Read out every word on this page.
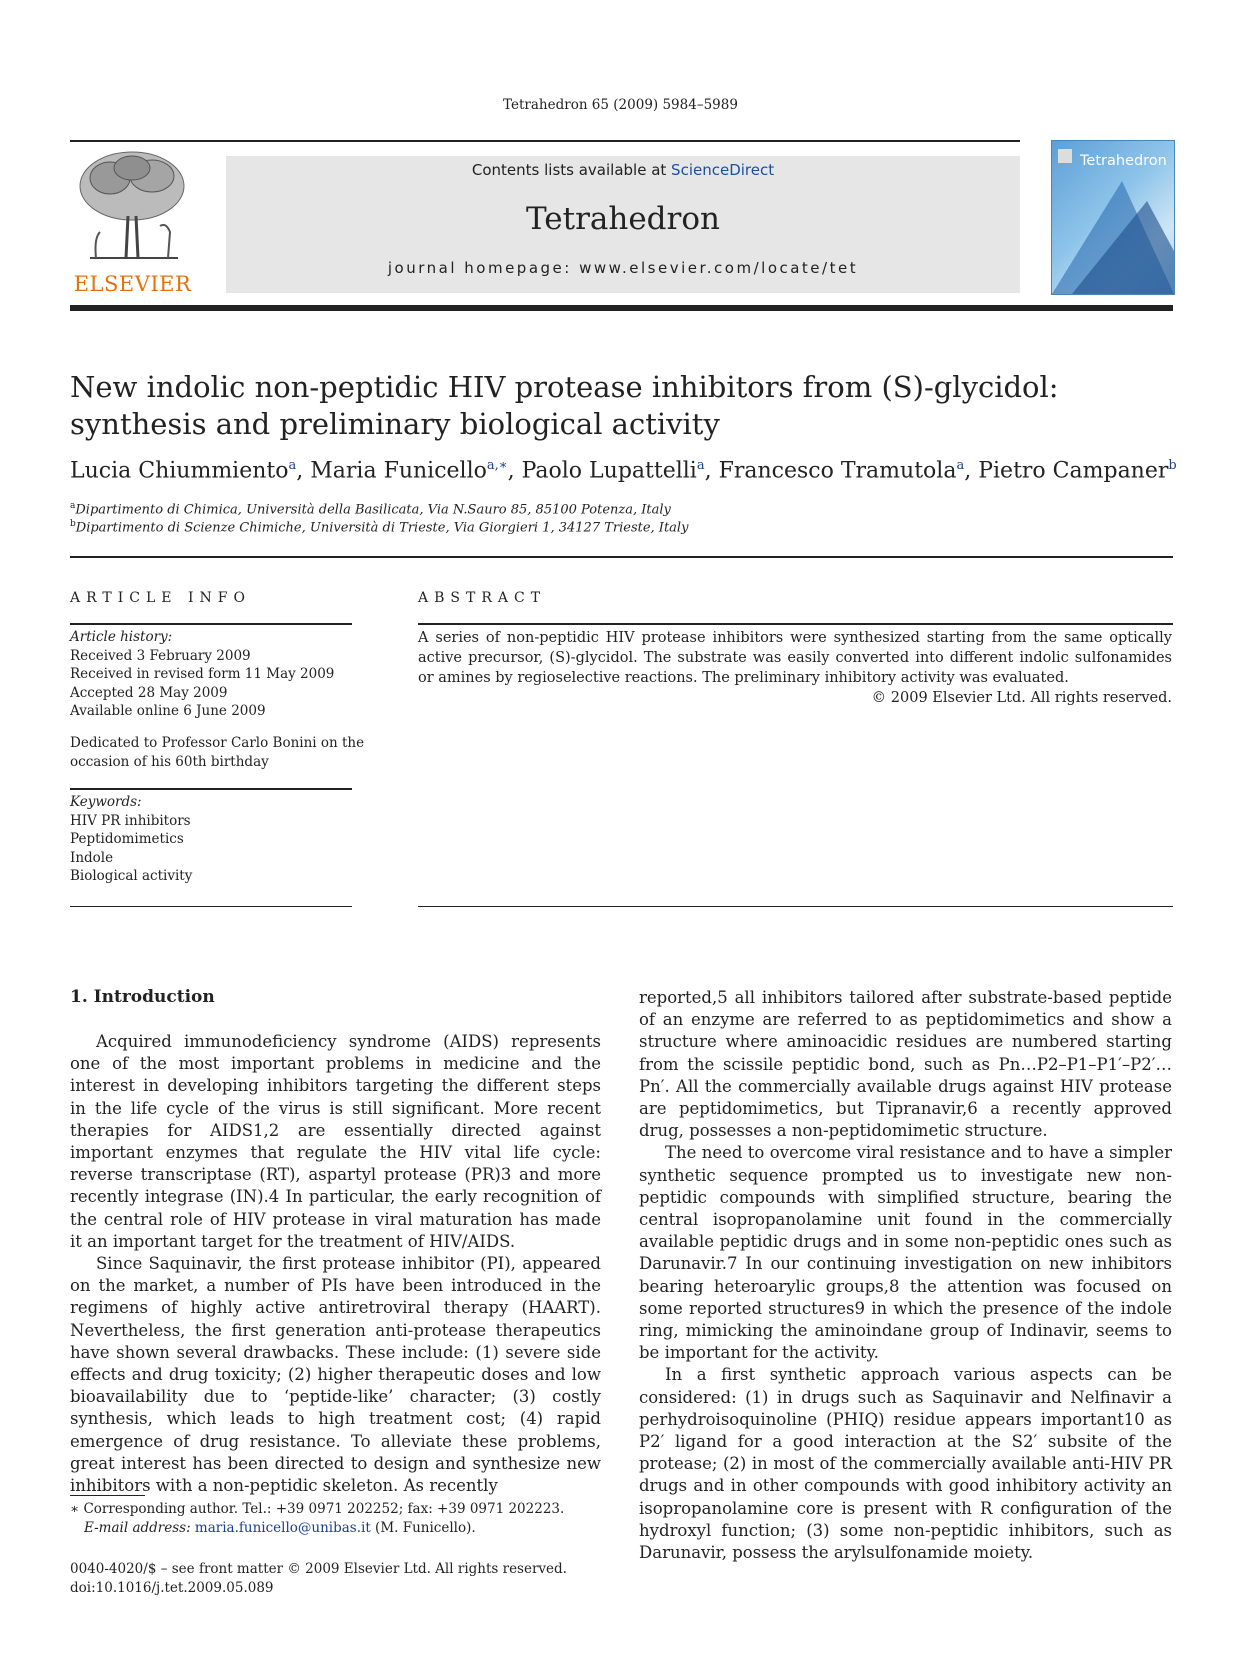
Tetrahedron 65 (2009) 5984–5989
ELSEVIER
Contents lists available at ScienceDirect
Tetrahedron
journal homepage: www.elsevier.com/locate/tet
Tetrahedron
New indolic non-peptidic HIV protease inhibitors from (S)-glycidol:
synthesis and preliminary biological activity
Lucia Chiummiento$^a$, Maria Funicello$^{a,∗}$, Paolo Lupattelli$^a$, Francesco Tramutola$^a$, Pietro Campaner$^b$
$^a$Dipartimento di Chimica, Università della Basilicata, Via N.Sauro 85, 85100 Potenza, Italy
$^b$Dipartimento di Scienze Chimiche, Università di Trieste, Via Giorgieri 1, 34127 Trieste, Italy
ARTICLE INFO
Article history:
Received 3 February 2009
Received in revised form 11 May 2009
Accepted 28 May 2009
Available online 6 June 2009
Dedicated to Professor Carlo Bonini on the
occasion of his 60th birthday
Keywords:
HIV PR inhibitors
Peptidomimetics
Indole
Biological activity
ABSTRACT
A series of non-peptidic HIV protease inhibitors were synthesized starting from the same optically active precursor, (S)-glycidol. The substrate was easily converted into different indolic sulfonamides or amines by regioselective reactions. The preliminary inhibitory activity was evaluated.
© 2009 Elsevier Ltd. All rights reserved.
1. Introduction

Acquired immunodeficiency syndrome (AIDS) represents one of the most important problems in medicine and the interest in developing inhibitors targeting the different steps in the life cycle of the virus is still significant. More recent therapies for AIDS1,2 are essentially directed against important enzymes that regulate the HIV vital life cycle: reverse transcriptase (RT), aspartyl protease (PR)3 and more recently integrase (IN).4 In particular, the early recognition of the central role of HIV protease in viral maturation has made it an important target for the treatment of HIV/AIDS.

Since Saquinavir, the first protease inhibitor (PI), appeared on the market, a number of PIs have been introduced in the regimens of highly active antiretroviral therapy (HAART). Nevertheless, the first generation anti-protease therapeutics have shown several drawbacks. These include: (1) severe side effects and drug toxicity; (2) higher therapeutic doses and low bioavailability due to ‘peptide-like’ character; (3) costly synthesis, which leads to high treatment cost; (4) rapid emergence of drug resistance. To alleviate these problems, great interest has been directed to design and synthesize new inhibitors with a non-peptidic skeleton. As recently

reported,5 all inhibitors tailored after substrate-based peptide of an enzyme are referred to as peptidomimetics and show a structure where aminoacidic residues are numbered starting from the scissile peptidic bond, such as Pn…P2–P1–P1′–P2′…Pn′. All the commercially available drugs against HIV protease are peptidomimetics, but Tipranavir,6 a recently approved drug, possesses a non-peptidomimetic structure.

The need to overcome viral resistance and to have a simpler synthetic sequence prompted us to investigate new non-peptidic compounds with simplified structure, bearing the central isopropanolamine unit found in the commercially available peptidic drugs and in some non-peptidic ones such as Darunavir.7 In our continuing investigation on new inhibitors bearing heteroarylic groups,8 the attention was focused on some reported structures9 in which the presence of the indole ring, mimicking the aminoindane group of Indinavir, seems to be important for the activity.

In a first synthetic approach various aspects can be considered: (1) in drugs such as Saquinavir and Nelfinavir a perhydroisoquinoline (PHIQ) residue appears important10 as P2′ ligand for a good interaction at the S2′ subsite of the protease; (2) in most of the commercially available anti-HIV PR drugs and in other compounds with good inhibitory activity an isopropanolamine core is present with R configuration of the hydroxyl function; (3) some non-peptidic inhibitors, such as Darunavir, possess the arylsulfonamide moiety.

∗ Corresponding author. Tel.: +39 0971 202252; fax: +39 0971 202223.
E-mail address: maria.funicello@unibas.it (M. Funicello).
0040-4020/$ – see front matter © 2009 Elsevier Ltd. All rights reserved.
doi:10.1016/j.tet.2009.05.089
